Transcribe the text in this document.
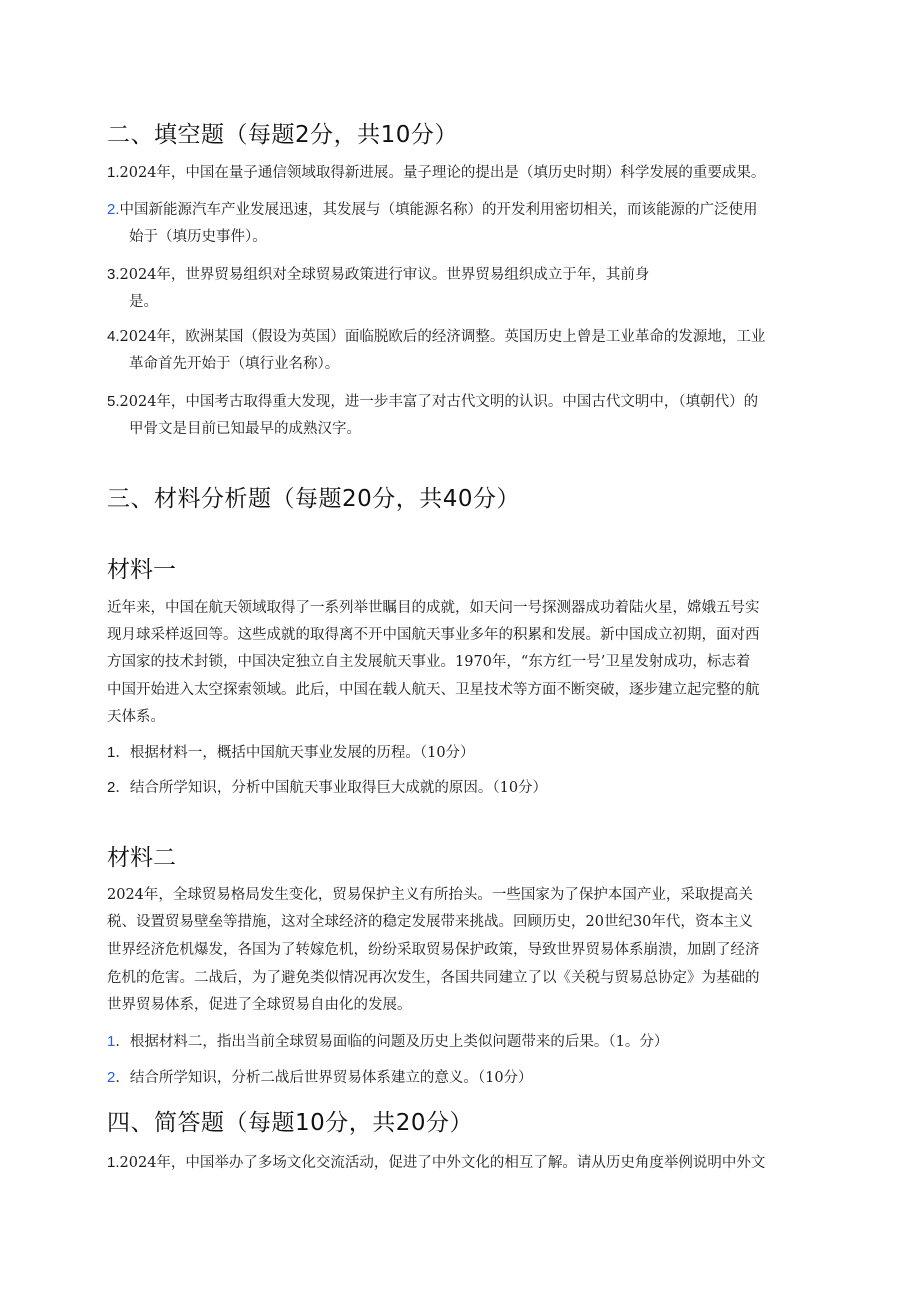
二、填空题（每题2分，共10分）
1.2024年，中国在量子通信领域取得新进展。量子理论的提出是（填历史时期）科学发展的重要成果。
2.中国新能源汽车产业发展迅速，其发展与（填能源名称）的开发利用密切相关，而该能源的广泛使用
始于（填历史事件）。
3.2024年，世界贸易组织对全球贸易政策进行审议。世界贸易组织成立于年，其前身
是。
4.2024年，欧洲某国（假设为英国）面临脱欧后的经济调整。英国历史上曾是工业革命的发源地，工业
革命首先开始于（填行业名称）。
5.2024年，中国考古取得重大发现，进一步丰富了对古代文明的认识。中国古代文明中，（填朝代）的
甲骨文是目前已知最早的成熟汉字。
三、材料分析题（每题20分，共40分）
材料一
近年来，中国在航天领域取得了一系列举世瞩目的成就，如天问一号探测器成功着陆火星，嫦娥五号实
现月球采样返回等。这些成就的取得离不开中国航天事业多年的积累和发展。新中国成立初期，面对西
方国家的技术封锁，中国决定独立自主发展航天事业。1970年，“东方红一号’卫星发射成功，标志着
中国开始进入太空探索领域。此后，中国在载人航天、卫星技术等方面不断突破，逐步建立起完整的航
天体系。
1．根据材料一，概括中国航天事业发展的历程。（10分）
2．结合所学知识，分析中国航天事业取得巨大成就的原因。（10分）
材料二
2024年，全球贸易格局发生变化，贸易保护主义有所抬头。一些国家为了保护本国产业，采取提高关
税、设置贸易壁垒等措施，这对全球经济的稳定发展带来挑战。回顾历史，20世纪30年代，资本主义
世界经济危机爆发，各国为了转嫁危机，纷纷采取贸易保护政策，导致世界贸易体系崩溃，加剧了经济
危机的危害。二战后，为了避免类似情况再次发生，各国共同建立了以《关税与贸易总协定》为基础的
世界贸易体系，促进了全球贸易自由化的发展。
1．根据材料二，指出当前全球贸易面临的问题及历史上类似问题带来的后果。（1。分）
2．结合所学知识，分析二战后世界贸易体系建立的意义。（10分）
四、简答题（每题10分，共20分）
1.2024年，中国举办了多场文化交流活动，促进了中外文化的相互了解。请从历史角度举例说明中外文
